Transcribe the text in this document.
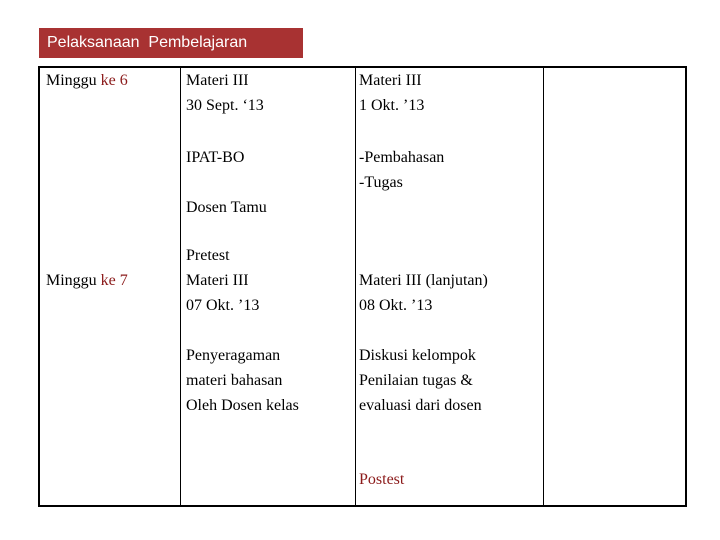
Pelaksanaan  Pembelajaran
Minggu ke 6	Materi III
30 Sept. ‘13
IPAT-BO
Dosen Tamu
Materi III
1 Okt. ’13
-Pembahasan
-Tugas
Minggu ke 7
Pretest
Materi III
07 Okt. ’13
Penyeragaman
materi bahasan
Oleh Dosen kelas
Materi III (lanjutan)
08 Okt. ’13
Diskusi kelompok
Penilaian tugas &
evaluasi dari dosen
Postest
